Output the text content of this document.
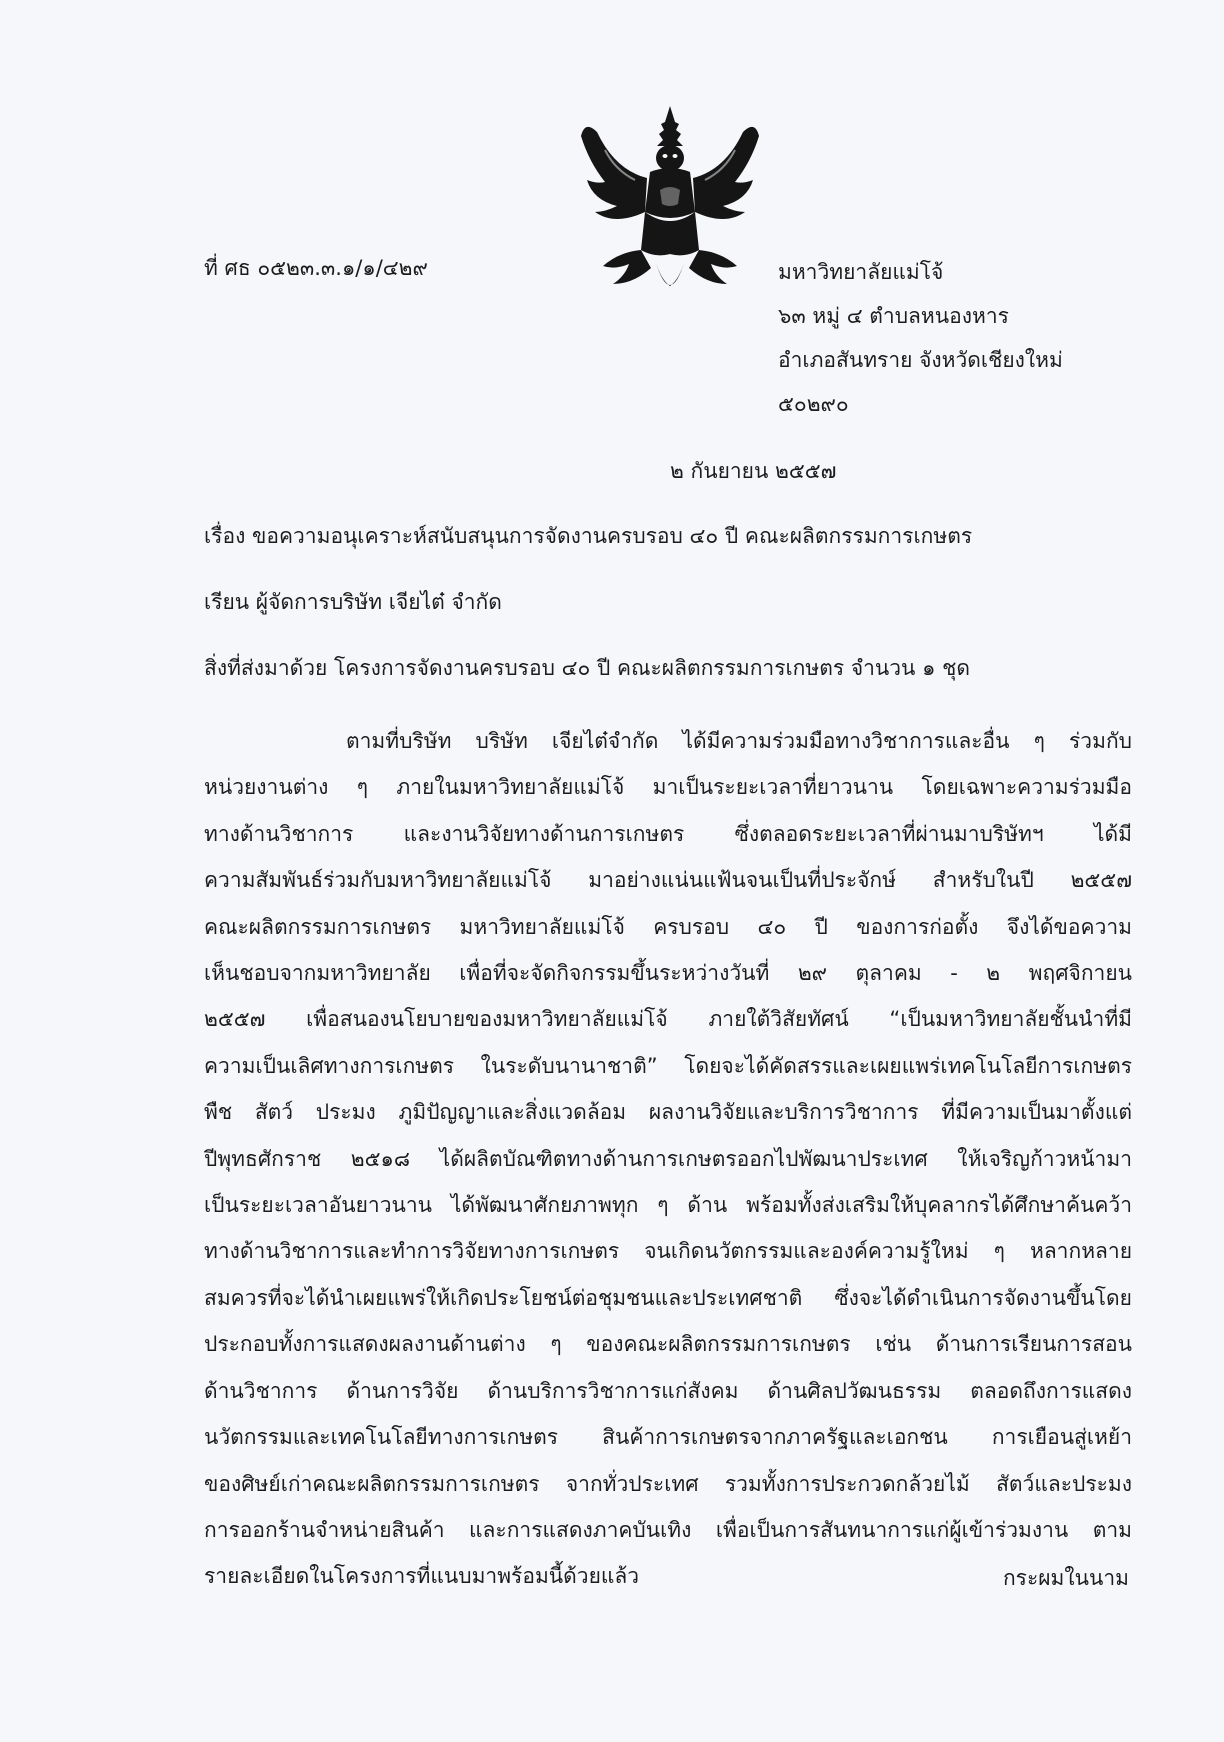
ที่ ศธ ๐๕๒๓.๓.๑/๑/๔๒๙	มหาวิทยาลัยแม่โจ้
๖๓ หมู่ ๔ ตำบลหนองหาร
อำเภอสันทราย จังหวัดเชียงใหม่
๕๐๒๙๐
๒ กันยายน ๒๕๕๗
เรื่อง ขอความอนุเคราะห์สนับสนุนการจัดงานครบรอบ ๔๐ ปี คณะผลิตกรรมการเกษตร
เรียน ผู้จัดการบริษัท เจียไต๋ จำกัด
สิ่งที่ส่งมาด้วย โครงการจัดงานครบรอบ ๔๐ ปี คณะผลิตกรรมการเกษตร จำนวน ๑ ชุด
ตามที่บริษัท บริษัท เจียไต๋จำกัด ได้มีความร่วมมือทางวิชาการและอื่น ๆ ร่วมกับ
หน่วยงานต่าง ๆ ภายในมหาวิทยาลัยแม่โจ้ มาเป็นระยะเวลาที่ยาวนาน โดยเฉพาะความร่วมมือ
ทางด้านวิชาการ และงานวิจัยทางด้านการเกษตร ซึ่งตลอดระยะเวลาที่ผ่านมาบริษัทฯ ได้มี
ความสัมพันธ์ร่วมกับมหาวิทยาลัยแม่โจ้ มาอย่างแน่นแฟ้นจนเป็นที่ประจักษ์ สำหรับในปี ๒๕๕๗
คณะผลิตกรรมการเกษตร มหาวิทยาลัยแม่โจ้ ครบรอบ ๔๐ ปี ของการก่อตั้ง จึงได้ขอความ
เห็นชอบจากมหาวิทยาลัย เพื่อที่จะจัดกิจกรรมขึ้นระหว่างวันที่ ๒๙ ตุลาคม - ๒ พฤศจิกายน
๒๕๕๗ เพื่อสนองนโยบายของมหาวิทยาลัยแม่โจ้ ภายใต้วิสัยทัศน์ “เป็นมหาวิทยาลัยชั้นนำที่มี
ความเป็นเลิศทางการเกษตร ในระดับนานาชาติ” โดยจะได้คัดสรรและเผยแพร่เทคโนโลยีการเกษตร
พืช สัตว์ ประมง ภูมิปัญญาและสิ่งแวดล้อม ผลงานวิจัยและบริการวิชาการ ที่มีความเป็นมาตั้งแต่
ปีพุทธศักราช ๒๕๑๘ ได้ผลิตบัณฑิตทางด้านการเกษตรออกไปพัฒนาประเทศ ให้เจริญก้าวหน้ามา
เป็นระยะเวลาอันยาวนาน ได้พัฒนาศักยภาพทุก ๆ ด้าน พร้อมทั้งส่งเสริมให้บุคลากรได้ศึกษาค้นคว้า
ทางด้านวิชาการและทำการวิจัยทางการเกษตร จนเกิดนวัตกรรมและองค์ความรู้ใหม่ ๆ หลากหลาย
สมควรที่จะได้นำเผยแพร่ให้เกิดประโยชน์ต่อชุมชนและประเทศชาติ ซึ่งจะได้ดำเนินการจัดงานขึ้นโดย
ประกอบทั้งการแสดงผลงานด้านต่าง ๆ ของคณะผลิตกรรมการเกษตร เช่น ด้านการเรียนการสอน
ด้านวิชาการ ด้านการวิจัย ด้านบริการวิชาการแก่สังคม ด้านศิลปวัฒนธรรม ตลอดถึงการแสดง
นวัตกรรมและเทคโนโลยีทางการเกษตร สินค้าการเกษตรจากภาครัฐและเอกชน การเยือนสู่เหย้า
ของศิษย์เก่าคณะผลิตกรรมการเกษตร จากทั่วประเทศ รวมทั้งการประกวดกล้วยไม้ สัตว์และประมง
การออกร้านจำหน่ายสินค้า และการแสดงภาคบันเทิง เพื่อเป็นการสันทนาการแก่ผู้เข้าร่วมงาน ตาม
รายละเอียดในโครงการที่แนบมาพร้อมนี้ด้วยแล้ว	กระผมในนาม
